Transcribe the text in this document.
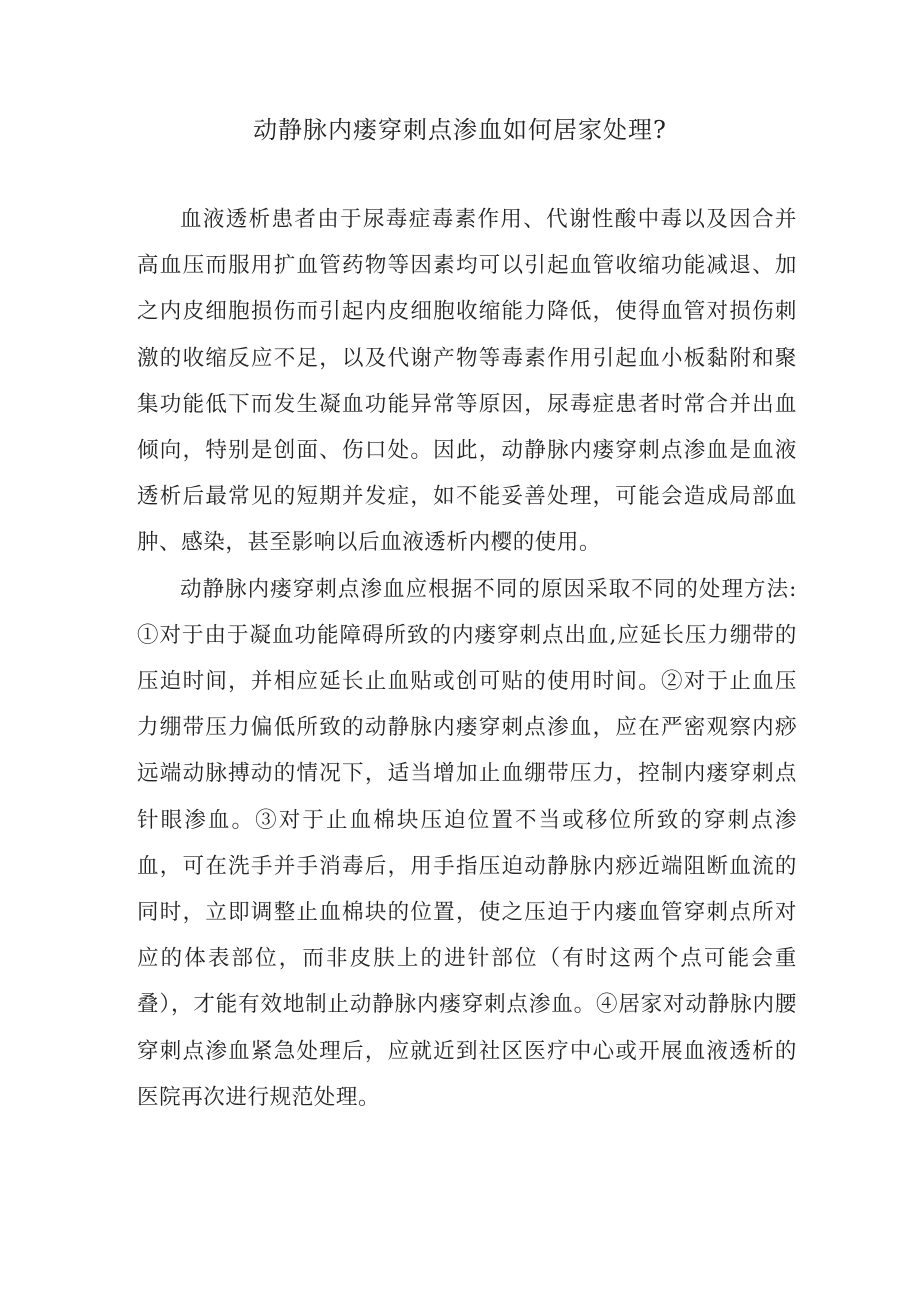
动静脉内瘘穿刺点渗血如何居家处理?

血液透析患者由于尿毒症毒素作用、代谢性酸中毒以及因合并高血压而服用扩血管药物等因素均可以引起血管收缩功能减退、加之内皮细胞损伤而引起内皮细胞收缩能力降低，使得血管对损伤刺激的收缩反应不足，以及代谢产物等毒素作用引起血小板黏附和聚集功能低下而发生凝血功能异常等原因，尿毒症患者时常合并出血倾向，特别是创面、伤口处。因此，动静脉内瘘穿刺点渗血是血液透析后最常见的短期并发症，如不能妥善处理，可能会造成局部血肿、感染，甚至影响以后血液透析内樱的使用。

动静脉内瘘穿刺点渗血应根据不同的原因采取不同的处理方法:①对于由于凝血功能障碍所致的内瘘穿刺点出血,应延长压力绷带的压迫时间，并相应延长止血贴或创可贴的使用时间。②对于止血压力绷带压力偏低所致的动静脉内瘘穿刺点渗血，应在严密观察内痧远端动脉搏动的情况下，适当增加止血绷带压力，控制内瘘穿刺点针眼渗血。③对于止血棉块压迫位置不当或移位所致的穿刺点渗血，可在洗手并手消毒后，用手指压迫动静脉内痧近端阻断血流的同时，立即调整止血棉块的位置，使之压迫于内瘘血管穿刺点所对应的体表部位，而非皮肤上的进针部位（有时这两个点可能会重叠），才能有效地制止动静脉内瘘穿刺点渗血。④居家对动静脉内腰穿刺点渗血紧急处理后，应就近到社区医疗中心或开展血液透析的医院再次进行规范处理。
